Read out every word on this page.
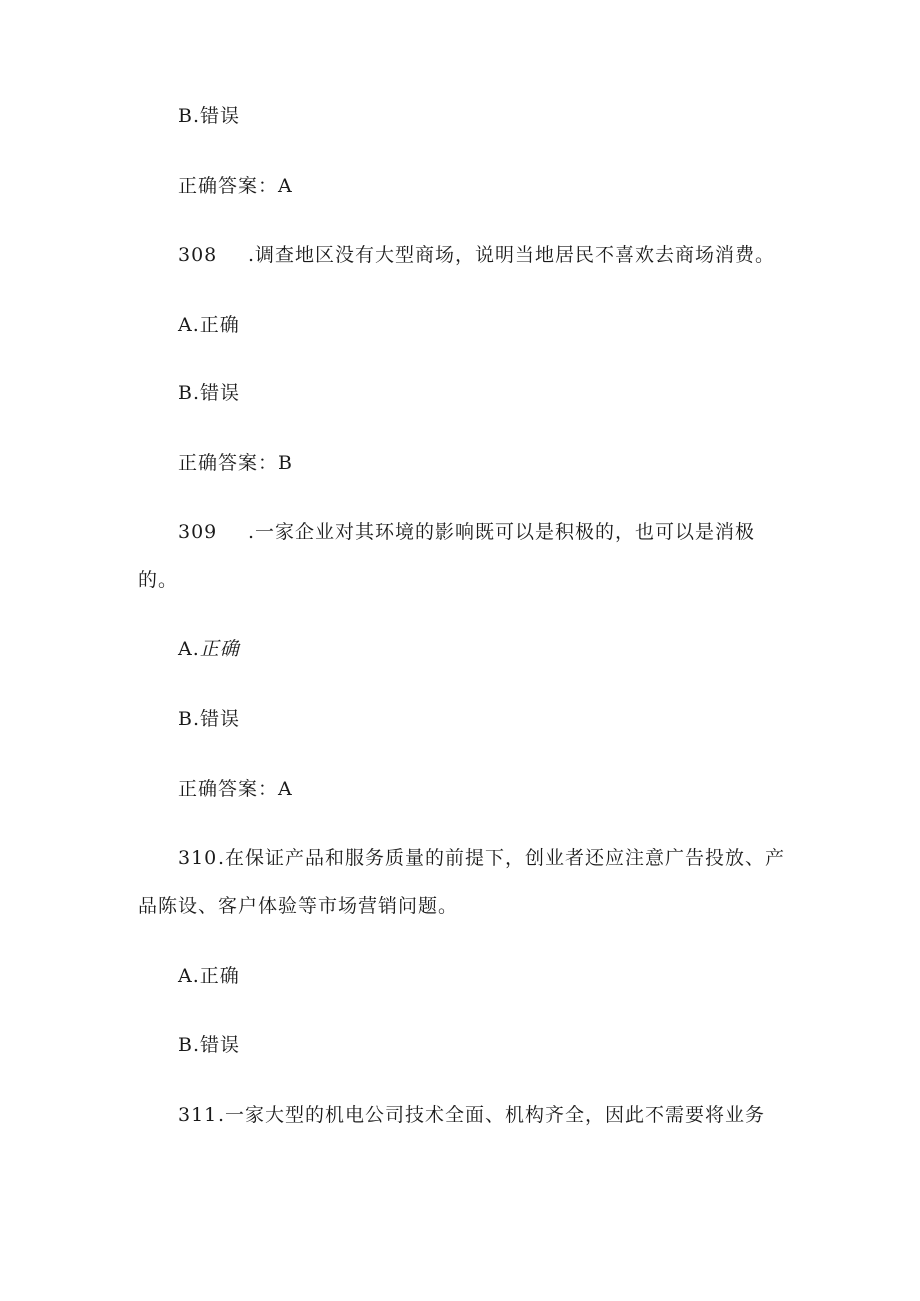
B.错误
正确答案：A
308 .调查地区没有大型商场，说明当地居民不喜欢去商场消费。
A.正确
B.错误
正确答案：B
309 .一家企业对其环境的影响既可以是积极的，也可以是消极
的。
A.正确
B.错误
正确答案：A
310.在保证产品和服务质量的前提下，创业者还应注意广告投放、产
品陈设、客户体验等市场营销问题。
A.正确
B.错误
311.一家大型的机电公司技术全面、机构齐全，因此不需要将业务
